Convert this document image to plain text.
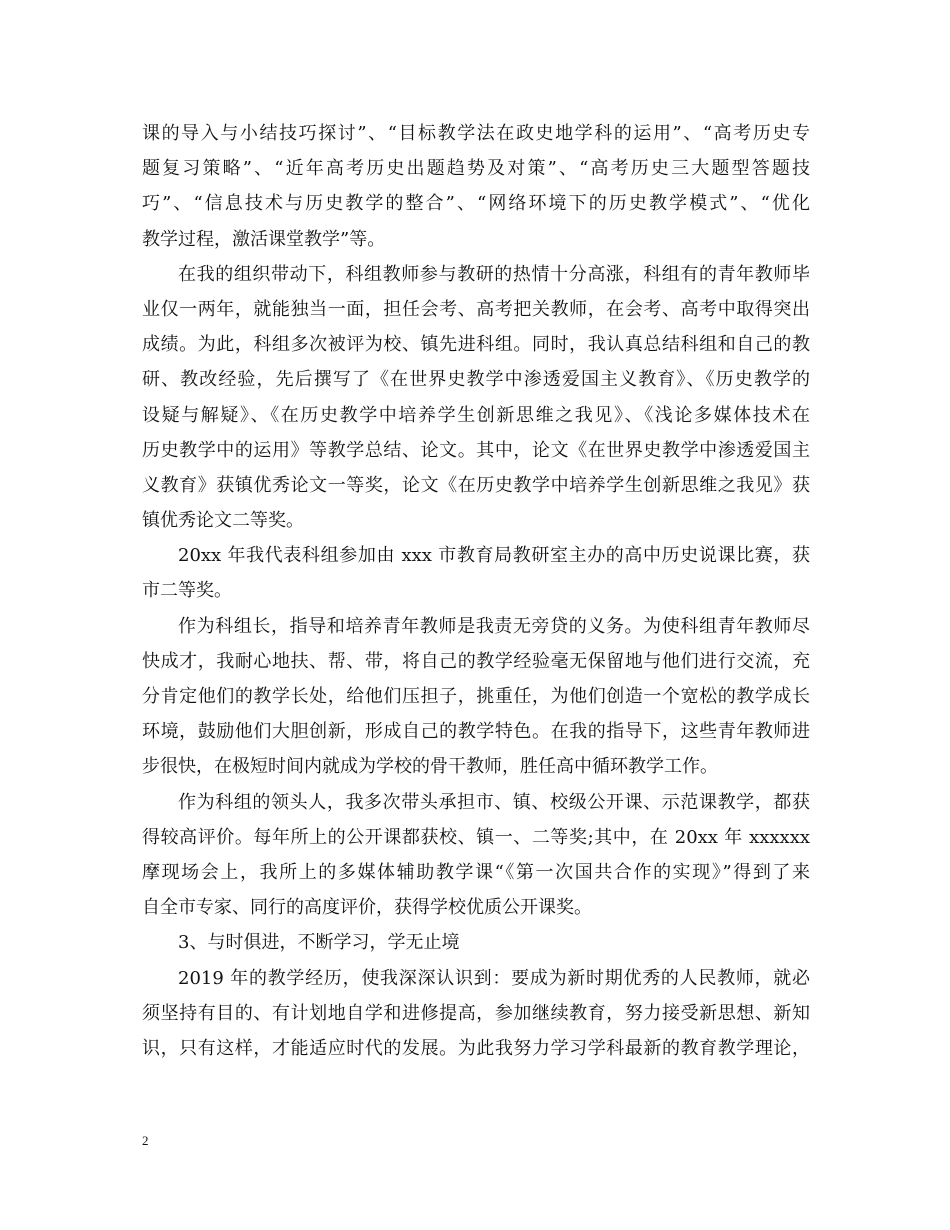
课的导入与小结技巧探讨”、“目标教学法在政史地学科的运用”、“高考历史专
题复习策略”、“近年高考历史出题趋势及对策”、“高考历史三大题型答题技
巧”、“信息技术与历史教学的整合”、“网络环境下的历史教学模式”、“优化
教学过程，激活课堂教学”等。
在我的组织带动下，科组教师参与教研的热情十分高涨，科组有的青年教师毕
业仅一两年，就能独当一面，担任会考、高考把关教师，在会考、高考中取得突出
成绩。为此，科组多次被评为校、镇先进科组。同时，我认真总结科组和自己的教
研、教改经验，先后撰写了《在世界史教学中渗透爱国主义教育》、《历史教学的
设疑与解疑》、《在历史教学中培养学生创新思维之我见》、《浅论多媒体技术在
历史教学中的运用》等教学总结、论文。其中，论文《在世界史教学中渗透爱国主
义教育》获镇优秀论文一等奖，论文《在历史教学中培养学生创新思维之我见》获
镇优秀论文二等奖。
20xx 年我代表科组参加由 xxx 市教育局教研室主办的高中历史说课比赛，获
市二等奖。
作为科组长，指导和培养青年教师是我责无旁贷的义务。为使科组青年教师尽
快成才，我耐心地扶、帮、带，将自己的教学经验毫无保留地与他们进行交流，充
分肯定他们的教学长处，给他们压担子，挑重任，为他们创造一个宽松的教学成长
环境，鼓励他们大胆创新，形成自己的教学特色。在我的指导下，这些青年教师进
步很快，在极短时间内就成为学校的骨干教师，胜任高中循环教学工作。
作为科组的领头人，我多次带头承担市、镇、校级公开课、示范课教学，都获
得较高评价。每年所上的公开课都获校、镇一、二等奖;其中，在 20xx 年 xxxxxx
摩现场会上，我所上的多媒体辅助教学课“《第一次国共合作的实现》”得到了来
自全市专家、同行的高度评价，获得学校优质公开课奖。
3、与时俱进，不断学习，学无止境
2019 年的教学经历，使我深深认识到：要成为新时期优秀的人民教师，就必
须坚持有目的、有计划地自学和进修提高，参加继续教育，努力接受新思想、新知
识，只有这样，才能适应时代的发展。为此我努力学习学科最新的教育教学理论，
2
